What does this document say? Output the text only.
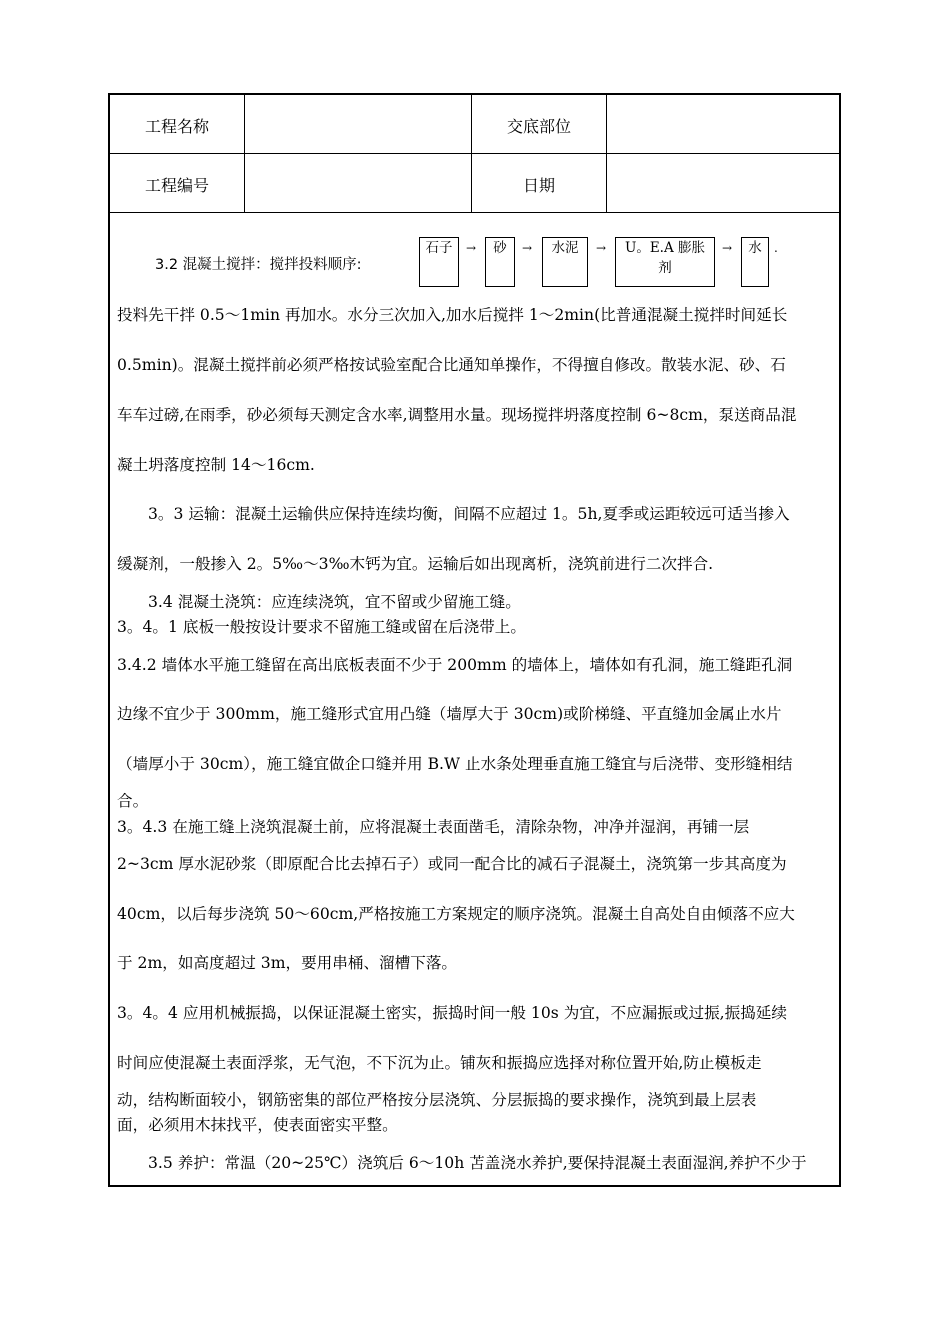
工程名称	交底部位
工程编号	日期
3.2 混凝土搅拌：搅拌投料顺序:
石子	→	砂	→	水泥	→	U。E.A 膨胀
剂
→	水	.
投料先干拌 0.5～1min 再加水。水分三次加入,加水后搅拌 1～2min(比普通混凝土搅拌时间延长
0.5min)。混凝土搅拌前必须严格按试验室配合比通知单操作，不得擅自修改。散装水泥、砂、石
车车过磅,在雨季，砂必须每天测定含水率,调整用水量。现场搅拌坍落度控制 6~8cm，泵送商品混
凝土坍落度控制 14～16cm.
3。3 运输：混凝土运输供应保持连续均衡，间隔不应超过 1。5h,夏季或运距较远可适当掺入
缓凝剂，一般掺入 2。5‰～3‰木钙为宜。运输后如出现离析，浇筑前进行二次拌合.
3.4 混凝土浇筑：应连续浇筑，宜不留或少留施工缝。
3。4。1 底板一般按设计要求不留施工缝或留在后浇带上。
3.4.2 墙体水平施工缝留在高出底板表面不少于 200mm 的墙体上，墙体如有孔洞，施工缝距孔洞
边缘不宜少于 300mm，施工缝形式宜用凸缝（墙厚大于 30cm)或阶梯缝、平直缝加金属止水片
（墙厚小于 30cm），施工缝宜做企口缝并用 B.W 止水条处理垂直施工缝宜与后浇带、变形缝相结
合。
3。4.3 在施工缝上浇筑混凝土前，应将混凝土表面凿毛，清除杂物，冲净并湿润，再铺一层
2~3cm 厚水泥砂浆（即原配合比去掉石子）或同一配合比的减石子混凝土，浇筑第一步其高度为
40cm，以后每步浇筑 50～60cm,严格按施工方案规定的顺序浇筑。混凝土自高处自由倾落不应大
于 2m，如高度超过 3m，要用串桶、溜槽下落。
3。4。4 应用机械振捣，以保证混凝土密实，振捣时间一般 10s 为宜，不应漏振或过振,振捣延续
时间应使混凝土表面浮浆，无气泡，不下沉为止。铺灰和振捣应选择对称位置开始,防止模板走
动，结构断面较小，钢筋密集的部位严格按分层浇筑、分层振捣的要求操作，浇筑到最上层表
面，必须用木抹找平，使表面密实平整。
3.5 养护：常温（20~25℃）浇筑后 6～10h 苫盖浇水养护,要保持混凝土表面湿润,养护不少于
